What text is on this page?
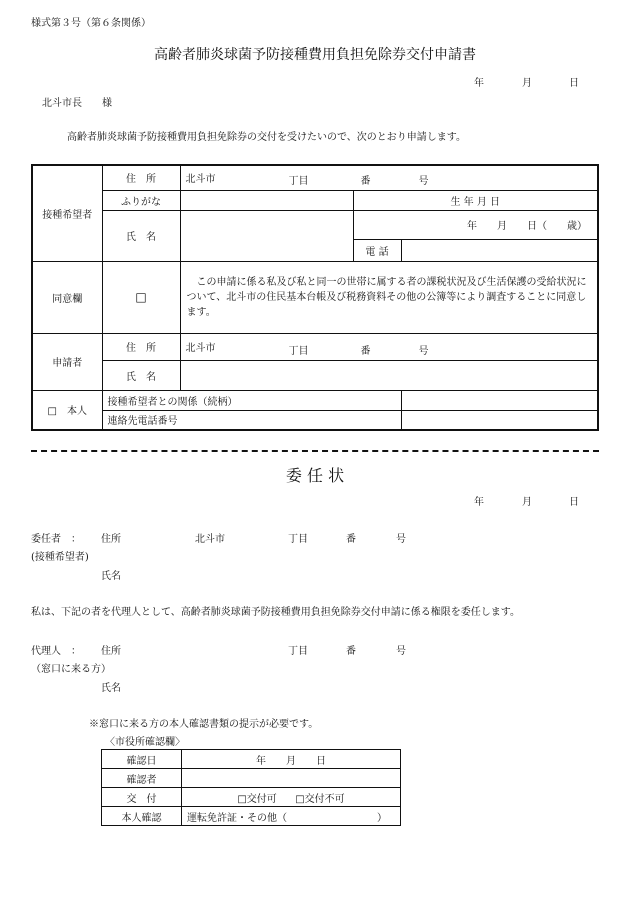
様式第３号（第６条関係）
高齢者肺炎球菌予防接種費用負担免除券交付申請書
年	月	日
北斗市長　　様
高齢者肺炎球菌予防接種費用負担免除券の交付を受けたいので、次のとおり申請します。
接種希望者	住　所	北斗市 丁目 番 号		

	ふりがな		生 年 月 日	
	氏　名		年　　月　　日（　　歳）	
			電 話	
同意欄	□	この申請に係る私及び私と同一の世帯に属する者の課税状況及び生活保護の受給状況について、北斗市の住民基本台帳及び税務資料その他の公簿等により調査することに同意します。		
申請者	住　所	北斗市 丁目 番 号		

	氏　名			
□　本人	接種希望者との関係（続柄）			
	連絡先電話番号			
委 任 状
年	月	日
委任者　： 住所	北斗市	丁目	番	号
(接種希望者)
氏名
私は、下記の者を代理人として、高齢者肺炎球菌予防接種費用負担免除券交付申請に係る権限を委任します。
代理人　： 住所	丁目	番	号
（窓口に来る方）
氏名
※窓口に来る方の本人確認書類の提示が必要です。
〈市役所確認欄〉
確認日	年　　月　　日
確認者	
交　付	□交付可 □交付不可
本人確認	運転免許証・その他（　　　　　　　　　）
